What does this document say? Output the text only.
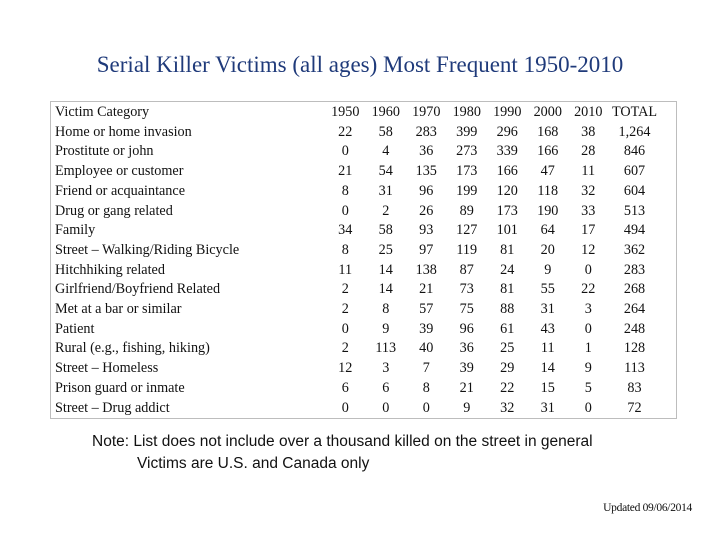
Serial Killer Victims (all ages) Most Frequent 1950-2010
Victim Category	1950	1960	1970	1980	1990	2000	2010	TOTAL
Home or home invasion	22	58	283	399	296	168	38	1,264
Prostitute or john	0	4	36	273	339	166	28	846
Employee or customer	21	54	135	173	166	47	11	607
Friend or acquaintance	8	31	96	199	120	118	32	604
Drug or gang related	0	2	26	89	173	190	33	513
Family	34	58	93	127	101	64	17	494
Street – Walking/Riding Bicycle	8	25	97	119	81	20	12	362
Hitchhiking related	11	14	138	87	24	9	0	283
Girlfriend/Boyfriend Related	2	14	21	73	81	55	22	268
Met at a bar or similar	2	8	57	75	88	31	3	264
Patient	0	9	39	96	61	43	0	248
Rural (e.g., fishing, hiking)	2	113	40	36	25	11	1	128
Street – Homeless	12	3	7	39	29	14	9	113
Prison guard or inmate	6	6	8	21	22	15	5	83
Street – Drug addict	0	0	0	9	32	31	0	72

Note: List does not include over a thousand killed on the street in general

Victims are U.S. and Canada only

Updated 09/06/2014
